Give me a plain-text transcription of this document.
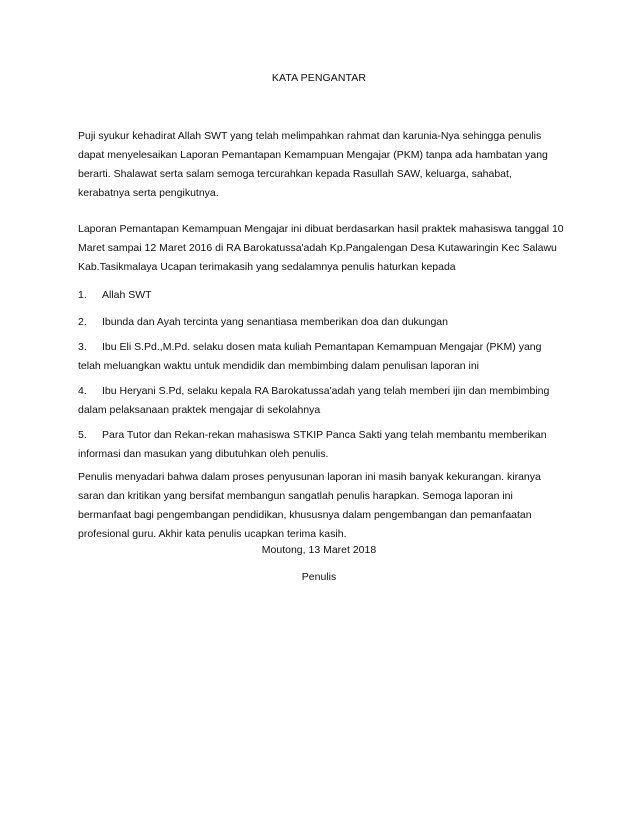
KATA PENGANTAR

Puji syukur kehadirat Allah SWT yang telah melimpahkan rahmat dan karunia-Nya sehingga penulis dapat menyelesaikan Laporan Pemantapan Kemampuan Mengajar (PKM) tanpa ada hambatan yang berarti. Shalawat serta salam semoga tercurahkan kepada Rasullah SAW, keluarga, sahabat, kerabatnya serta pengikutnya.

Laporan Pemantapan Kemampuan Mengajar ini dibuat berdasarkan hasil praktek mahasiswa tanggal 10 Maret sampai 12 Maret 2016 di RA Barokatussa'adah Kp.Pangalengan Desa Kutawaringin Kec Salawu Kab.Tasikmalaya Ucapan terimakasih yang sedalamnya penulis haturkan kepada

1. Allah SWT

2. Ibunda dan Ayah tercinta yang senantiasa memberikan doa dan dukungan

3. Ibu Eli S.Pd.,M.Pd. selaku dosen mata kuliah Pemantapan Kemampuan Mengajar (PKM) yang telah meluangkan waktu untuk mendidik dan membimbing dalam penulisan laporan ini

4. Ibu Heryani S.Pd, selaku kepala RA Barokatussa'adah yang telah memberi ijin dan membimbing dalam pelaksanaan praktek mengajar di sekolahnya

5. Para Tutor dan Rekan-rekan mahasiswa STKIP Panca Sakti yang telah membantu memberikan informasi dan masukan yang dibutuhkan oleh penulis.

Penulis menyadari bahwa dalam proses penyusunan laporan ini masih banyak kekurangan. kiranya saran dan kritikan yang bersifat membangun sangatlah penulis harapkan. Semoga laporan ini bermanfaat bagi pengembangan pendidikan, khususnya dalam pengembangan dan pemanfaatan profesional guru. Akhir kata penulis ucapkan terima kasih.

Moutong, 13 Maret 2018
Penulis
